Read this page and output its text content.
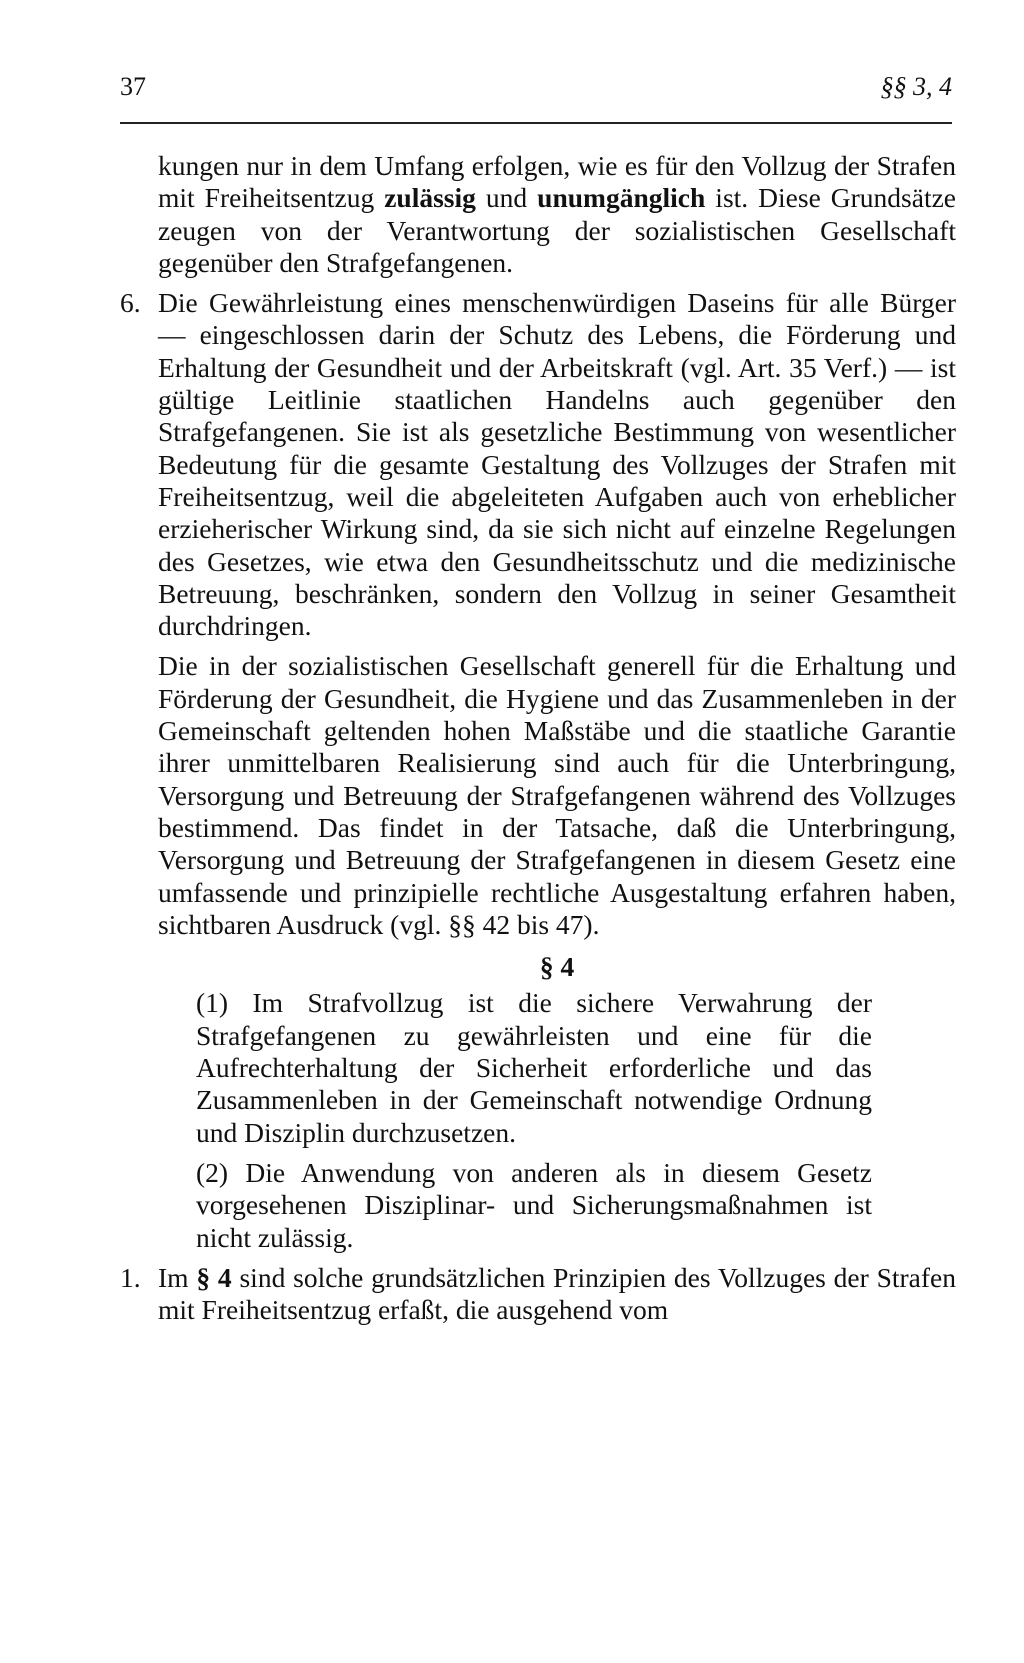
37	§§ 3, 4

kungen nur in dem Umfang erfolgen, wie es für den Vollzug der Strafen mit Freiheitsentzug zulässig und unumgänglich ist. Diese Grundsätze zeugen von der Verantwortung der sozialistischen Gesellschaft gegenüber den Strafgefangenen.

6. Die Gewährleistung eines menschenwürdigen Daseins für alle Bürger — eingeschlossen darin der Schutz des Lebens, die Förderung und Erhaltung der Gesundheit und der Arbeitskraft (vgl. Art. 35 Verf.) — ist gültige Leitlinie staatlichen Handelns auch gegenüber den Strafgefangenen. Sie ist als gesetzliche Bestimmung von wesentlicher Bedeutung für die gesamte Gestaltung des Vollzuges der Strafen mit Freiheitsentzug, weil die abgeleiteten Aufgaben auch von erheblicher erzieherischer Wirkung sind, da sie sich nicht auf einzelne Regelungen des Gesetzes, wie etwa den Gesundheitsschutz und die medizinische Betreuung, beschränken, sondern den Vollzug in seiner Gesamtheit durchdringen.

Die in der sozialistischen Gesellschaft generell für die Erhaltung und Förderung der Gesundheit, die Hygiene und das Zusammenleben in der Gemeinschaft geltenden hohen Maßstäbe und die staatliche Garantie ihrer unmittelbaren Realisierung sind auch für die Unterbringung, Versorgung und Betreuung der Strafgefangenen während des Vollzuges bestimmend. Das findet in der Tatsache, daß die Unterbringung, Versorgung und Betreuung der Strafgefangenen in diesem Gesetz eine umfassende und prinzipielle rechtliche Ausgestaltung erfahren haben, sichtbaren Ausdruck (vgl. §§ 42 bis 47).

§ 4

(1) Im Strafvollzug ist die sichere Verwahrung der Strafgefangenen zu gewährleisten und eine für die Aufrechterhaltung der Sicherheit erforderliche und das Zusammenleben in der Gemeinschaft notwendige Ordnung und Disziplin durchzusetzen.

(2) Die Anwendung von anderen als in diesem Gesetz vorgesehenen Disziplinar- und Sicherungsmaßnahmen ist nicht zulässig.

1. Im § 4 sind solche grundsätzlichen Prinzipien des Vollzuges der Strafen mit Freiheitsentzug erfaßt, die ausgehend vom
